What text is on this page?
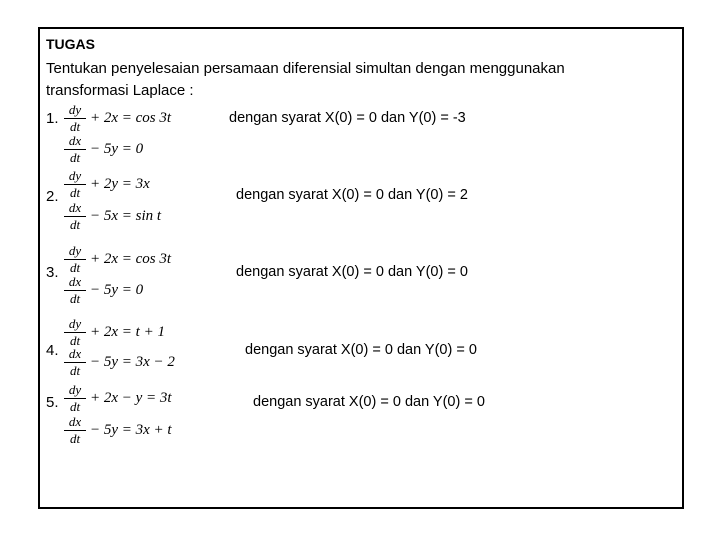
TUGAS
Tentukan penyelesaian persamaan diferensial simultan dengan menggunakan transformasi Laplace :
1. $\frac{dy}{dt} + 2x = \cos 3t$
$\frac{dx}{dt} - 5y = 0$
dengan syarat X(0) = 0 dan Y(0) = -3
2. $\frac{dy}{dt} + 2y = 3x$
$\frac{dx}{dt} - 5x = \sin t$
dengan syarat X(0) = 0 dan Y(0) = 2
3. $\frac{dy}{dt} + 2x = \cos 3t$
$\frac{dx}{dt} - 5y = 0$
dengan syarat X(0) = 0 dan Y(0) = 0
4.
$\frac{dy}{dt} + 2x = t + 1$
$\frac{dx}{dt} - 5y = 3x - 2$
dengan syarat X(0) = 0 dan Y(0) = 0
5. $\frac{dy}{dt} + 2x - y = 3t$
$\frac{dx}{dt} - 5y = 3x + t$
dengan syarat X(0) = 0 dan Y(0) = 0
